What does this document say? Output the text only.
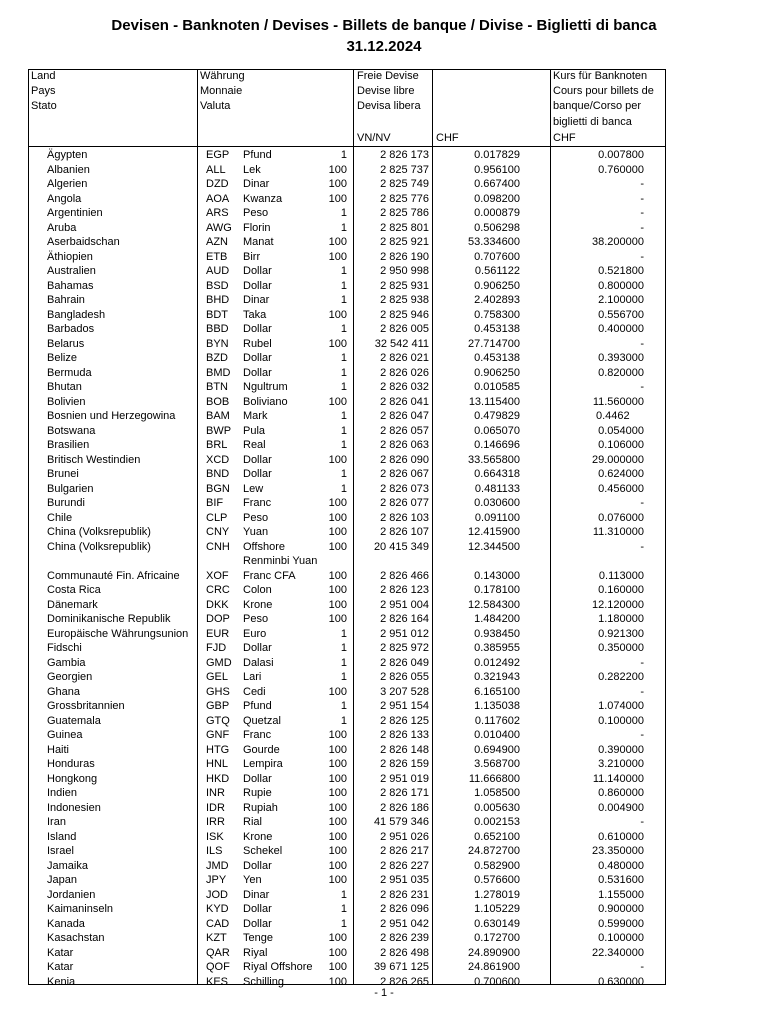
Devisen - Banknoten / Devises - Billets de banque / Divise - Biglietti di banca
31.12.2024
Land
Pays
Stato
Währung
Monnaie
Valuta
Freie Devise
Devise libre
Devisa libera
VN/NV	CHF
Kurs für Banknoten
Cours pour billets de
banque/Corso per
biglietti di banca
CHF
Ägypten	EGP Pfund	1	2 826 173	0.017829	0.007800
Albanien	ALL Lek	100	2 825 737	0.956100	0.760000
Algerien	DZD Dinar	100	2 825 749	0.667400	-
Angola	AOA Kwanza	100	2 825 776	0.098200	-
Argentinien	ARS Peso	1	2 825 786	0.000879	-
Aruba	AWG Florin	1	2 825 801	0.506298	-
Aserbaidschan	AZN Manat	100	2 825 921	53.334600	38.200000
Äthiopien	ETB Birr	100	2 826 190	0.707600	-
Australien	AUD Dollar	1	2 950 998	0.561122	0.521800
Bahamas	BSD Dollar	1	2 825 931	0.906250	0.800000
Bahrain	BHD Dinar	1	2 825 938	2.402893	2.100000
Bangladesh	BDT Taka	100	2 825 946	0.758300	0.556700
Barbados	BBD Dollar	1	2 826 005	0.453138	0.400000
Belarus	BYN Rubel	100	32 542 411	27.714700	-
Belize	BZD Dollar	1	2 826 021	0.453138	0.393000
Bermuda	BMD Dollar	1	2 826 026	0.906250	0.820000
Bhutan	BTN Ngultrum	1	2 826 032	0.010585	-
Bolivien	BOB Boliviano	100	2 826 041	13.115400	11.560000
Bosnien und Herzegowina	BAM Mark	1	2 826 047	0.479829	0.4462
Botswana	BWP Pula	1	2 826 057	0.065070	0.054000
Brasilien	BRL Real	1	2 826 063	0.146696	0.106000
Britisch Westindien	XCD Dollar	100	2 826 090	33.565800	29.000000
Brunei	BND Dollar	1	2 826 067	0.664318	0.624000
Bulgarien	BGN Lew	1	2 826 073	0.481133	0.456000
Burundi	BIF Franc	100	2 826 077	0.030600	-
Chile	CLP Peso	100	2 826 103	0.091100	0.076000
China (Volksrepublik)	CNY Yuan	100	2 826 107	12.415900	11.310000
China (Volksrepublik)	CNH Offshore	100	20 415 349	12.344500	-
Renminbi Yuan
Communauté Fin. Africaine XOF Franc CFA	100	2 826 466	0.143000	0.113000
Costa Rica	CRC Colon	100	2 826 123	0.178100	0.160000
Dänemark	DKK Krone	100	2 951 004	12.584300	12.120000
Dominikanische Republik	DOP Peso	100	2 826 164	1.484200	1.180000
Europäische Währungsunion EUR Euro	1	2 951 012	0.938450	0.921300
Fidschi	FJD Dollar	1	2 825 972	0.385955	0.350000
Gambia	GMD Dalasi	1	2 826 049	0.012492	-
Georgien	GEL Lari	1	2 826 055	0.321943	0.282200
Ghana	GHS Cedi	100	3 207 528	6.165100	-
Grossbritannien	GBP Pfund	1	2 951 154	1.135038	1.074000
Guatemala	GTQ Quetzal	1	2 826 125	0.117602	0.100000
Guinea	GNF Franc	100	2 826 133	0.010400	-
Haiti	HTG Gourde	100	2 826 148	0.694900	0.390000
Honduras	HNL Lempira	100	2 826 159	3.568700	3.210000
Hongkong	HKD Dollar	100	2 951 019	11.666800	11.140000
Indien	INR Rupie	100	2 826 171	1.058500	0.860000
Indonesien	IDR Rupiah	100	2 826 186	0.005630	0.004900
Iran	IRR Rial	100	41 579 346	0.002153	-
Island	ISK Krone	100	2 951 026	0.652100	0.610000
Israel	ILS Schekel	100	2 826 217	24.872700	23.350000
Jamaika	JMD Dollar	100	2 826 227	0.582900	0.480000
Japan	JPY Yen	100	2 951 035	0.576600	0.531600
Jordanien	JOD Dinar	1	2 826 231	1.278019	1.155000
Kaimaninseln	KYD Dollar	1	2 826 096	1.105229	0.900000
Kanada	CAD Dollar	1	2 951 042	0.630149	0.599000
Kasachstan	KZT Tenge	100	2 826 239	0.172700	0.100000
Katar	QAR Riyal	100	2 826 498	24.890900	22.340000
Katar	QOF Riyal Offshore	100	39 671 125	24.861900	-
Kenia	KES Schilling	100	2 826 265	0.700600	0.630000
- 1 -
